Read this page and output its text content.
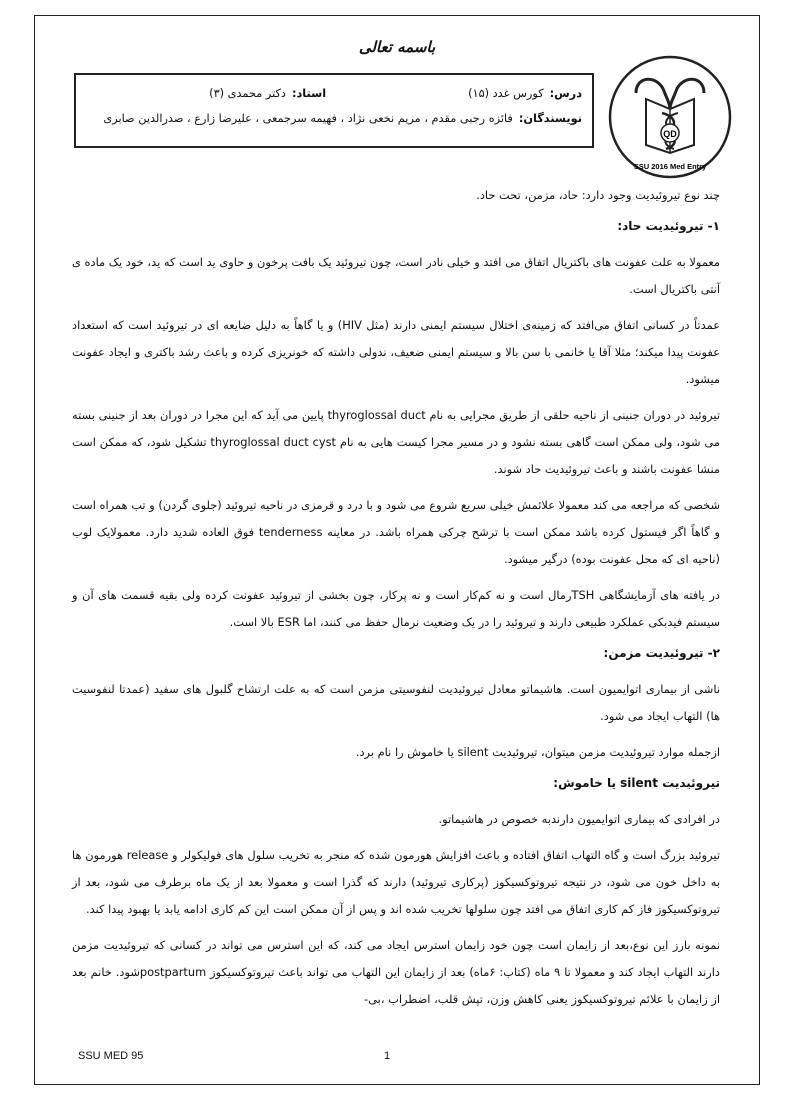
باسمه تعالی
درس:
کورس غدد (۱۵)
استاد:
دکتر محمدی (۳)
نویسندگان:
فائزه رجبی مقدم ، مریم نخعی نژاد ، فهیمه سرجمعی ، علیرضا زارع ، صدرالدین صابری
QD
SSU 2016 Med Entry

چند نوع تیروئیدیت وجود دارد: حاد، مزمن، تحت حاد.

۱- تیروئیدیت حاد:

معمولا به علت عفونت های باکتریال اتفاق می افتد و خیلی نادر است، چون تیروئید یک بافت پرخون و حاوی ید است که ید، خود یک ماده ی آنتی باکتریال است.

عمدتاً در کسانی اتفاق می‌افتد که زمینه‌ی اختلال سیستم ایمنی دارند (مثل HIV) و یا گاهاً به دلیل ضایعه ای در تیروئید است که استعداد عفونت پیدا میکند؛ مثلا آقا یا خانمی با سن بالا و سیستم ایمنی ضعیف، ندولی داشته که خونریزی کرده و باعث رشد باکتری و ایجاد عفونت میشود.

تیروئید در دوران جنینی از ناحیه حلقی از طریق مجرایی به نام thyroglossal duct پایین می آید که این مجرا در دوران بعد از جنینی بسته می شود، ولی ممکن است گاهی بسته نشود و در مسیر مجرا کیست هایی به نام thyroglossal duct cyst تشکیل شود، که ممکن است منشا عفونت باشند و باعث تیروئیدیت حاد شوند.

شخصی که مراجعه می کند معمولا علائمش خیلی سریع شروع می شود و با درد و قرمزی در ناحیه تیروئید (جلوی گردن) و تب همراه است و گاهاً اگر فیستول کرده باشد ممکن است با ترشح چرکی همراه باشد. در معاینه tenderness فوق العاده شدید دارد. معمولایک لوب (ناحیه ای که محل عفونت بوده) درگیر میشود.

در یافته های آزمایشگاهی TSHرمال است و نه کم‌کار است و نه پرکار، چون بخشی از تیروئید عفونت کرده ولی بقیه قسمت های آن و سیستم فیدبکی عملکرد طبیعی دارند و تیروئید را در یک وضعیت نرمال حفظ می کنند، اما ESR بالا است.

۲- تیروئیدیت مزمن:

ناشی از بیماری اتوایمیون است. هاشیماتو معادل تیروئیدیت لنفوسیتی مزمن است که به علت ارتشاح گلبول های سفید (عمدتا لنفوسیت ها) التهاب ایجاد می شود.

ازجمله موارد تیروئیدیت مزمن میتوان، تیروئیدیت silent یا خاموش را نام برد.

تیروئیدیت silent یا خاموش:

در افرادی که بیماری اتوایمیون دارندبه خصوص در هاشیماتو.

تیروئید بزرگ است و گاه التهاب اتفاق افتاده و باعث افزایش هورمون شده که منجر به تخریب سلول های فولیکولر و release هورمون ها به داخل خون می شود، در نتیجه تیروتوکسیکوز (پرکاری تیروئید) دارند که گذرا است و معمولا بعد از یک ماه برطرف می شود، بعد از تیروتوکسیکوز فاز کم کاری اتفاق می افتد چون سلولها تخریب شده اند و پس از آن ممکن است این کم کاری ادامه یابد یا بهبود پیدا کند.

نمونه بارز این نوع،بعد از زایمان است چون خود زایمان استرس ایجاد می کند، که این استرس می تواند در کسانی که تیروئیدیت مزمن دارند التهاب ایجاد کند و معمولا تا ۹ ماه (کتاب: ۶ماه) بعد از زایمان این التهاب می تواند باعث تیروتوکسیکوز postpartumشود. خانم بعد از زایمان با علائم تیروتوکسیکوز یعنی کاهش وزن، تپش قلب، اضطراب ،بی-

SSU MED 95	1
